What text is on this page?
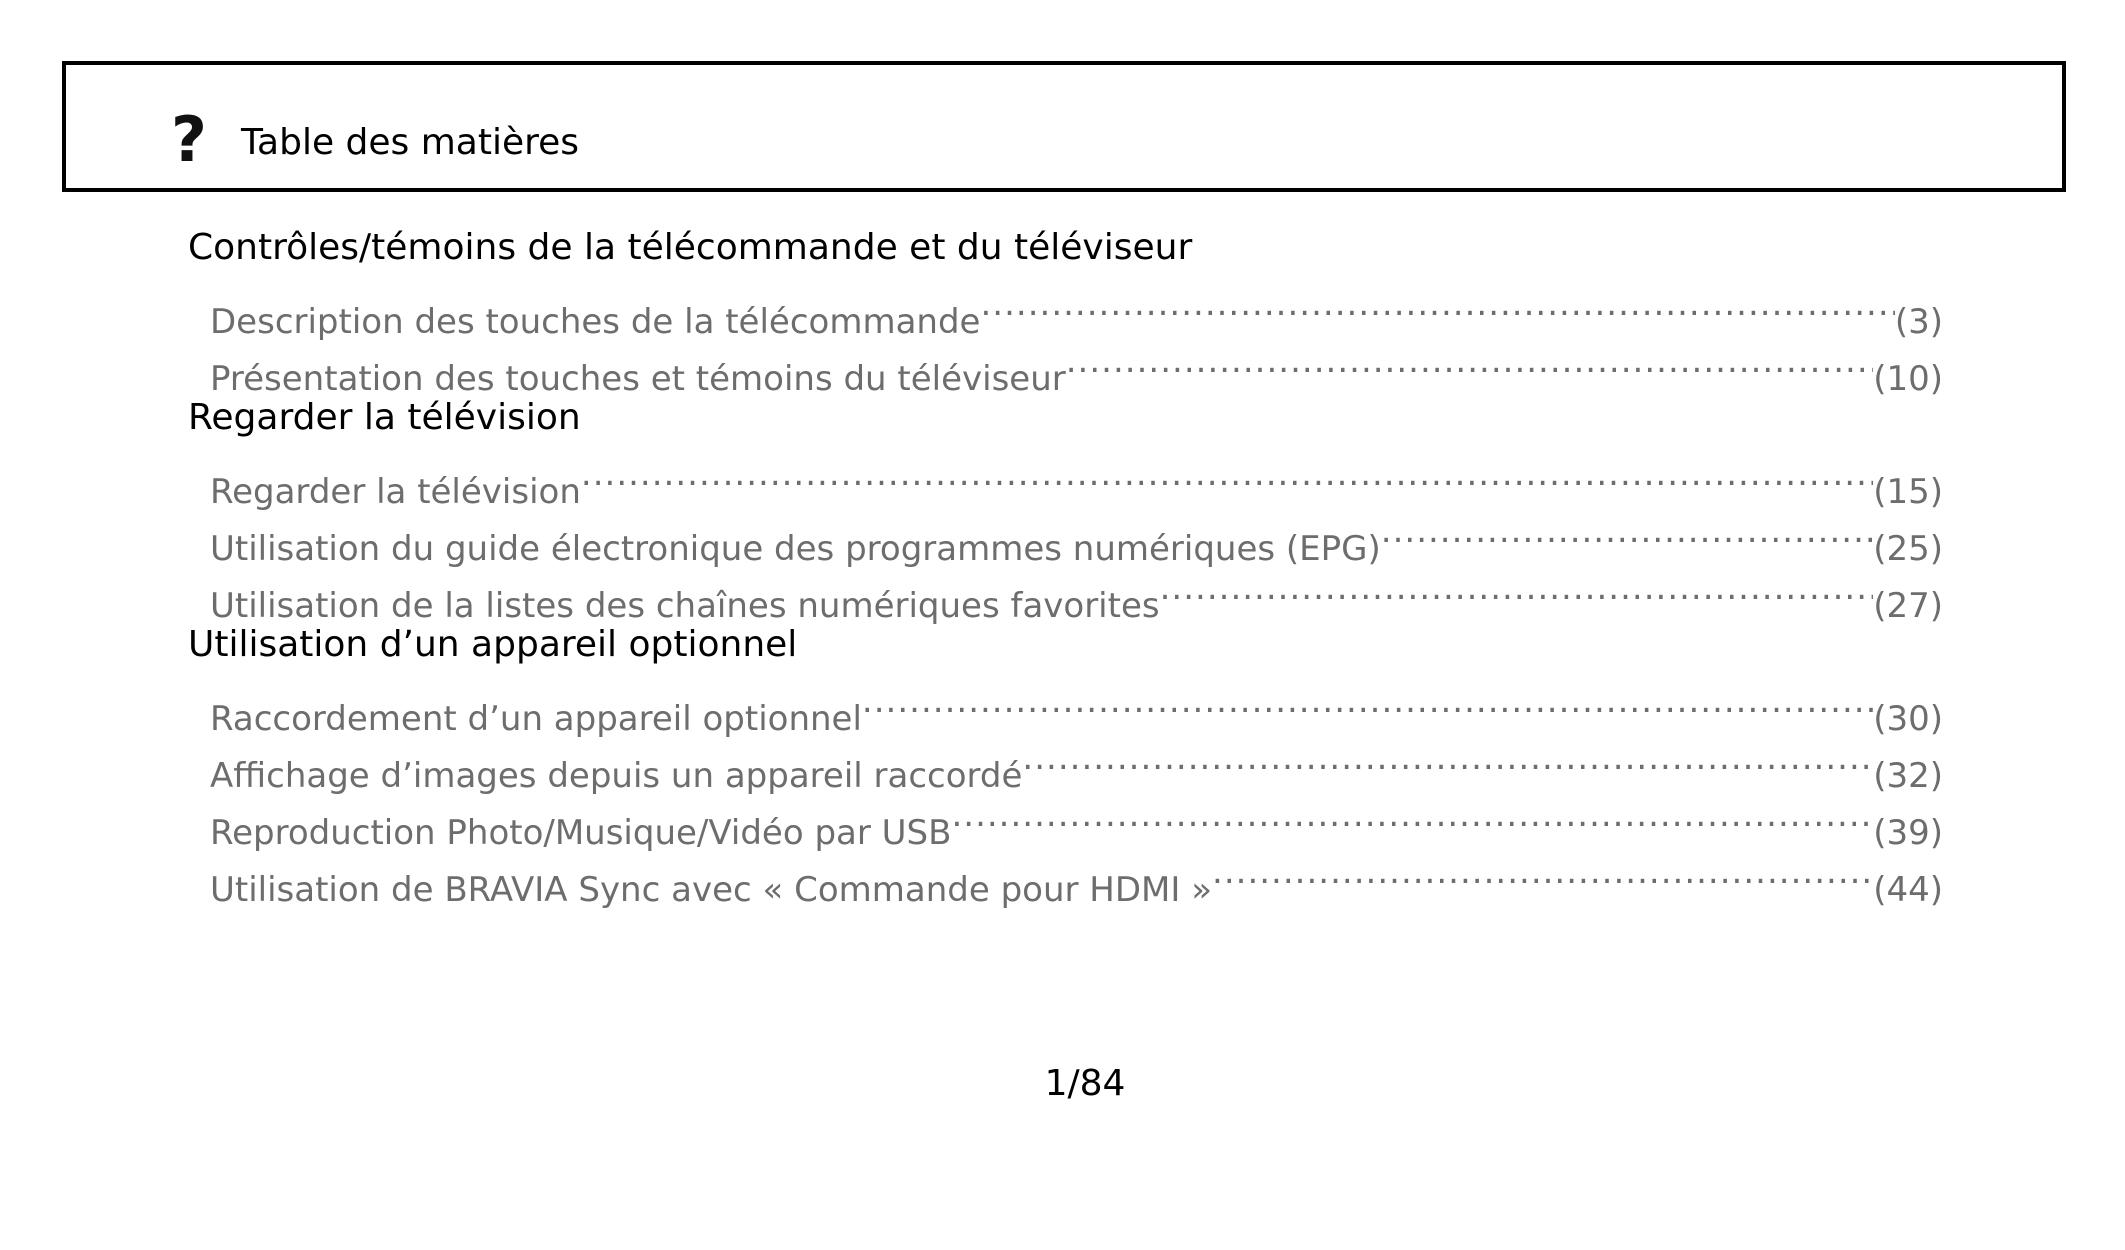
? Table des matières
Contrôles/témoins de la télécommande et du téléviseur
Description des touches de la télécommande .....	(3)
Présentation des touches et témoins du téléviseur .....	(10)
Regarder la télévision
Regarder la télévision .....	(15)
Utilisation du guide électronique des programmes numériques (EPG) .....	(25)
Utilisation de la listes des chaînes numériques favorites .....	(27)
Utilisation d’un appareil optionnel
Raccordement d’un appareil optionnel .....	(30)
Affichage d’images depuis un appareil raccordé .....	(32)
Reproduction Photo/Musique/Vidéo par USB .....	(39)
Utilisation de BRAVIA Sync avec « Commande pour HDMI » .....	(44)
1/84
